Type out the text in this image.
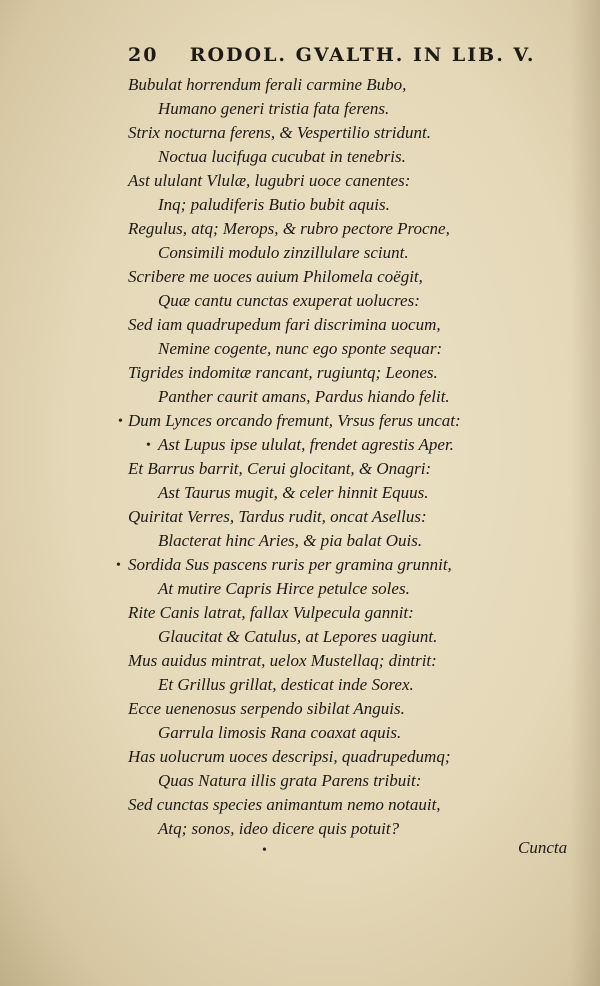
20 RODOL. GVALTH. IN LIB. V.
Bubulat horrendum ferali carmine Bubo,
Humano generi tristia fata ferens.
Strix nocturna ferens, & Vespertilio stridunt.
Noctua lucifuga cucubat in tenebris.
Ast ululant Vlulæ, lugubri uoce canentes:
Inq; paludiferis Butio bubit aquis.
Regulus, atq; Merops, & rubro pectore Procne,
Consimili modulo zinzillulare sciunt.
Scribere me uoces auium Philomela coëgit,
Quæ cantu cunctas exuperat uolucres:
Sed iam quadrupedum fari discrimina uocum,
Nemine cogente, nunc ego sponte sequar:
Tigrides indomitæ rancant, rugiuntq; Leones.
Panther caurit amans, Pardus hiando felit.
Dum Lynces orcando fremunt, Vrsus ferus uncat:
Ast Lupus ipse ululat, frendet agrestis Aper.
Et Barrus barrit, Cerui glocitant, & Onagri:
Ast Taurus mugit, & celer hinnit Equus.
Quiritat Verres, Tardus rudit, oncat Asellus:
Blacterat hinc Aries, & pia balat Ouis.
Sordida Sus pascens ruris per gramina grunnit,
At mutire Capris Hirce petulce soles.
Rite Canis latrat, fallax Vulpecula gannit:
Glaucitat & Catulus, at Lepores uagiunt.
Mus auidus mintrat, uelox Mustellaq; dintrit:
Et Grillus grillat, desticat inde Sorex.
Ecce uenenosus serpendo sibilat Anguis.
Garrula limosis Rana coaxat aquis.
Has uolucrum uoces descripsi, quadrupedumq;
Quas Natura illis grata Parens tribuit:
Sed cunctas species animantum nemo notauit,
Atq; sonos, ideo dicere quis potuit?
•
•
•
•	Cuncta
